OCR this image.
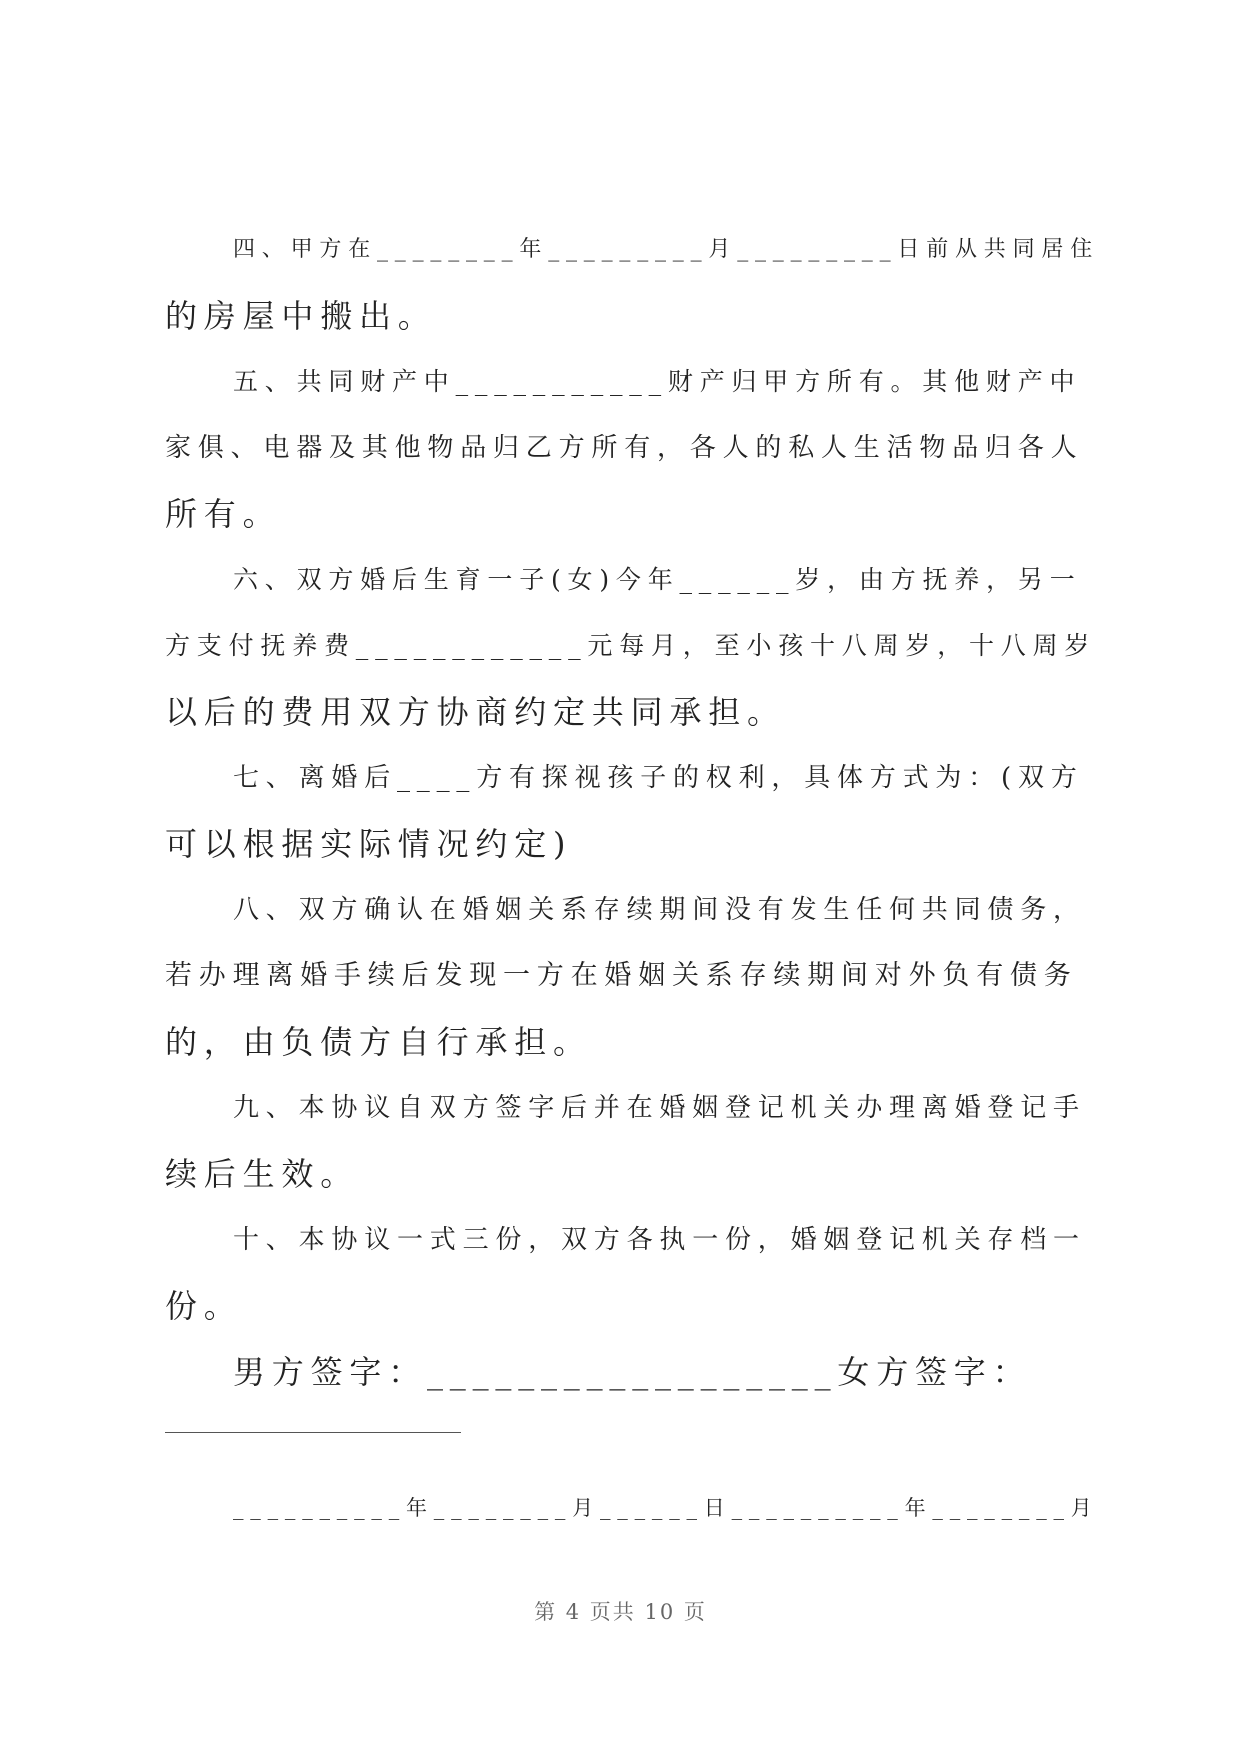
四、甲方在________年_________月_________日前从共同居住
的房屋中搬出。
五、共同财产中___________财产归甲方所有。其他财产中
家俱、电器及其他物品归乙方所有，各人的私人生活物品归各人
所有。
六、双方婚后生育一子(女)今年______岁，由方抚养，另一
方支付抚养费____________元每月，至小孩十八周岁，十八周岁
以后的费用双方协商约定共同承担。
七、离婚后____方有探视孩子的权利，具体方式为：(双方
可以根据实际情况约定)
八、双方确认在婚姻关系存续期间没有发生任何共同债务，
若办理离婚手续后发现一方在婚姻关系存续期间对外负有债务
的，由负债方自行承担。
九、本协议自双方签字后并在婚姻登记机关办理离婚登记手
续后生效。
十、本协议一式三份，双方各执一份，婚姻登记机关存档一
份。
男方签字：__________________女方签字：
__________年________月______日__________年________月
第 4 页共 10 页
